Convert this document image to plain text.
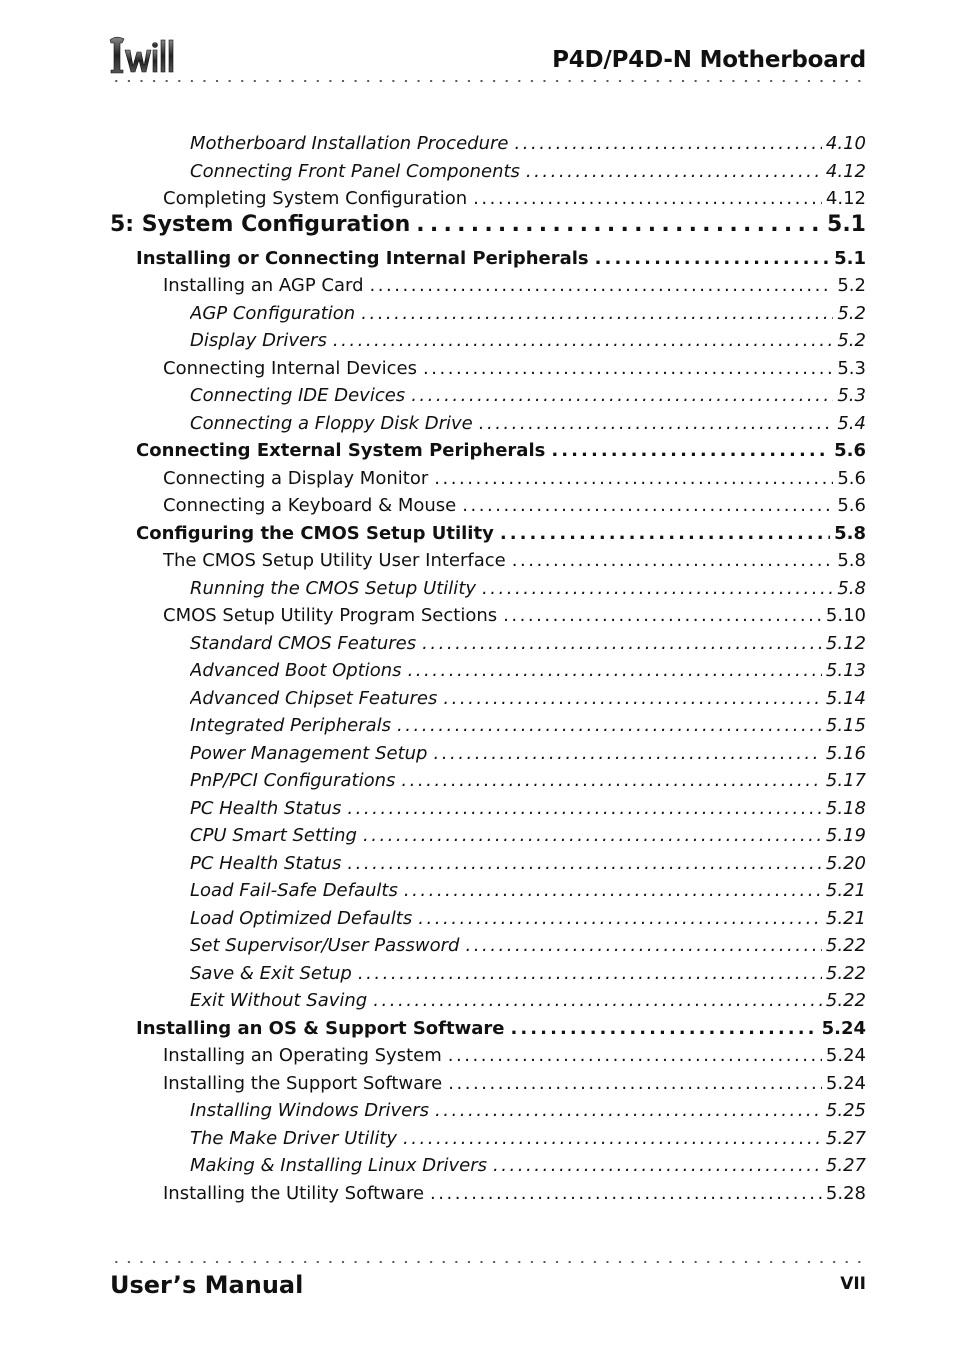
P4D/P4D-N Motherboard
Motherboard Installation Procedure . . .	4.10
Connecting Front Panel Components . . .	4.12
Completing System Configuration . . .	4.12
5: System Configuration . . .	5.1
Installing or Connecting Internal Peripherals . . .	5.1
Installing an AGP Card . . .	5.2
AGP Configuration . . .	5.2
Display Drivers . . .	5.2
Connecting Internal Devices . . .	5.3
Connecting IDE Devices . . .	5.3
Connecting a Floppy Disk Drive . . .	5.4
Connecting External System Peripherals . . .	5.6
Connecting a Display Monitor . . .	5.6
Connecting a Keyboard & Mouse . . .	5.6
Configuring the CMOS Setup Utility . . .	5.8
The CMOS Setup Utility User Interface . . .	5.8
Running the CMOS Setup Utility . . .	5.8
CMOS Setup Utility Program Sections . . .	5.10
Standard CMOS Features . . .	5.12
Advanced Boot Options . . .	5.13
Advanced Chipset Features . . .	5.14
Integrated Peripherals . . .	5.15
Power Management Setup . . .	5.16
PnP/PCI Configurations . . .	5.17
PC Health Status . . .	5.18
CPU Smart Setting . . .	5.19
PC Health Status . . .	5.20
Load Fail-Safe Defaults . . .	5.21
Load Optimized Defaults . . .	5.21
Set Supervisor/User Password . . .	5.22
Save & Exit Setup . . .	5.22
Exit Without Saving . . .	5.22
Installing an OS & Support Software . . .	5.24
Installing an Operating System . . .	5.24
Installing the Support Software . . .	5.24
Installing Windows Drivers . . .	5.25
The Make Driver Utility . . .	5.27
Making & Installing Linux Drivers . . .	5.27
Installing the Utility Software . . .	5.28
User’s Manual	VII
